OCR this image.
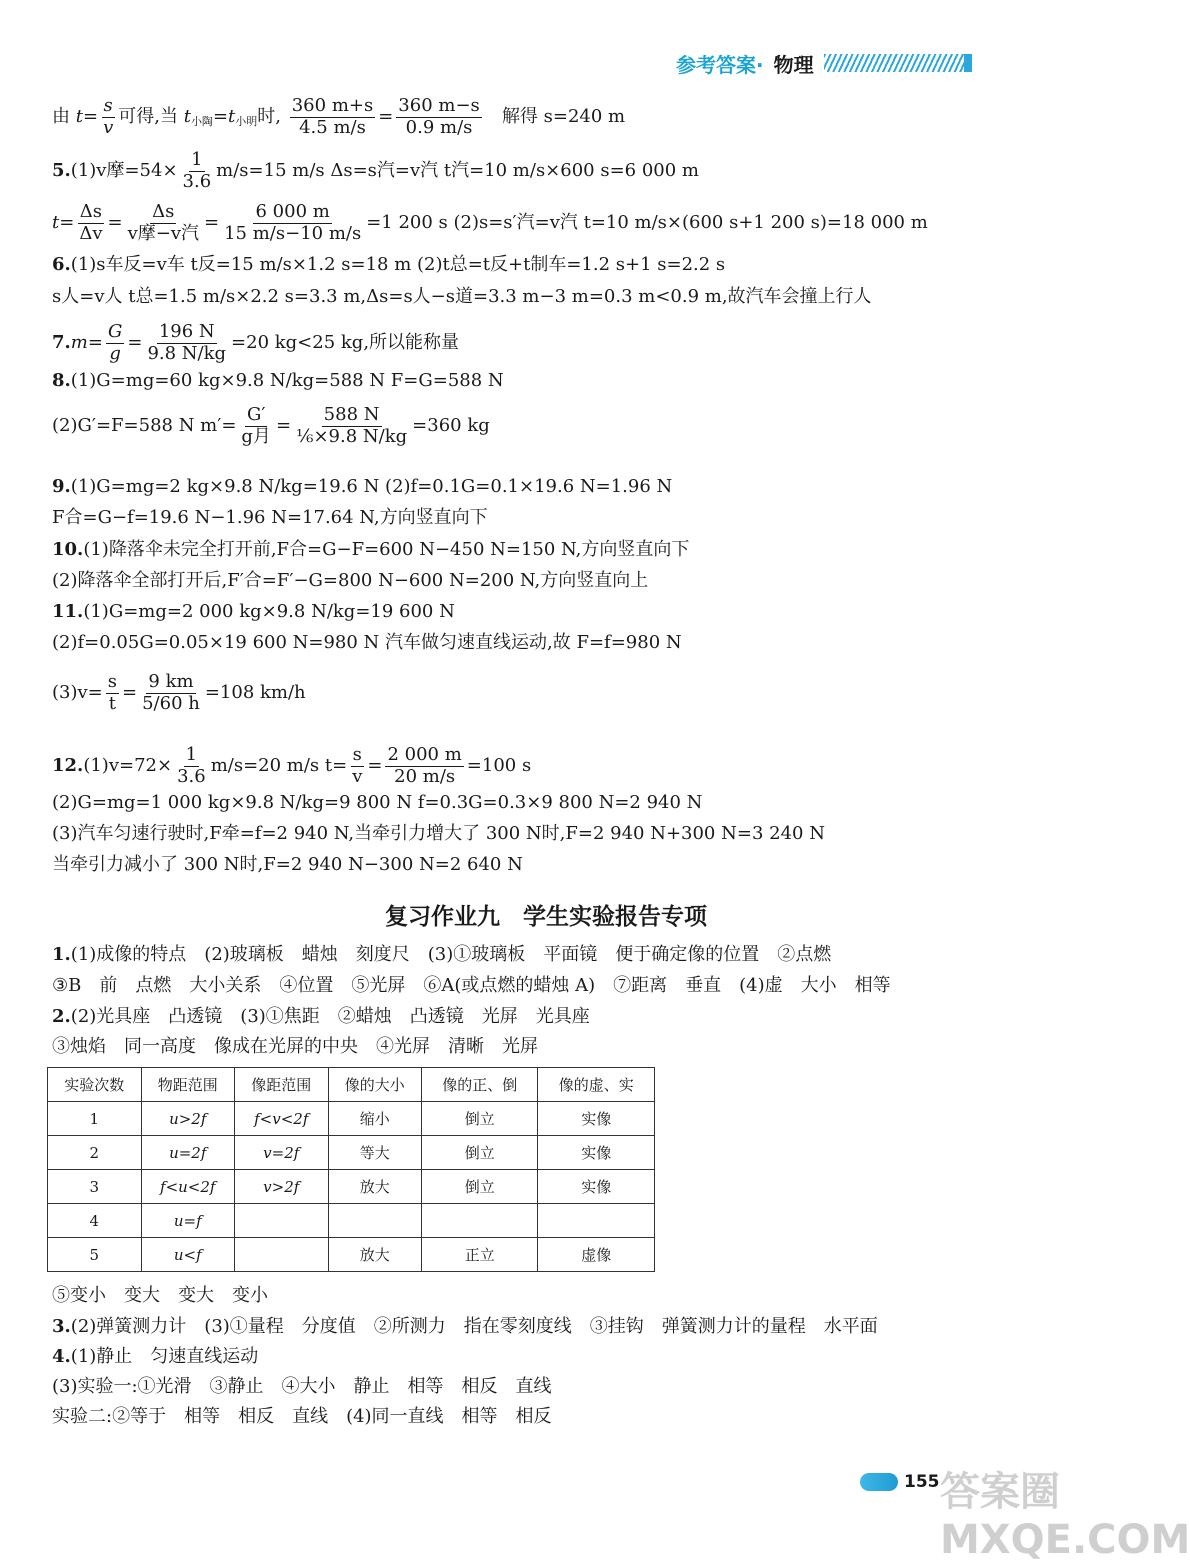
参考答案· 物理
由 $t= \frac{s}{v}$ 可得,当 $t_{小陶}=t_{小明}$时, $\frac{360 m+s}{4.5 m/s} = \frac{360 m-s}{0.9 m/s}$ 解得 s=240 m
5.(1)v摩$=54\times \frac{1}{3.6} m/s=15$ m/s Δs=s汽=v汽 t汽=10 m/s×600 s=6 000 m
$t= \frac{\Delta s}{\Delta v} = \frac{\Delta s}{\text{v摩−v汽}} = \frac{6 000 m}{15 m/s-10 m/s} =1$ 200 s (2)s=s′汽=v汽 t=10 m/s×(600 s+1 200 s)=18 000 m
6.(1)s车反=v车 t反=15 m/s×1.2 s=18 m (2)t总=t反+t制车=1.2 s+1 s=2.2 s
s人=v人 t总=1.5 m/s×2.2 s=3.3 m,Δs=s人−s道=3.3 m−3 m=0.3 m<0.9 m,故汽车会撞上行人
$7.m= \frac{G}{g} = \frac{196 N}{9.8 N/kg} =20$ kg<25 kg,所以能称量
8.(1)G=mg=60 kg×9.8 N/kg=588 N F=G=588 N
(2)G′=F=588 N $m'= \frac{G'}{\text{g月}} = \frac{588 N}{\text{⅙×9.8 N/kg}} =360$ kg
9.(1)G=mg=2 kg×9.8 N/kg=19.6 N (2)f=0.1G=0.1×19.6 N=1.96 N
F合=G−f=19.6 N−1.96 N=17.64 N,方向竖直向下
10.(1)降落伞未完全打开前,F合=G−F=600 N−450 N=150 N,方向竖直向下
(2)降落伞全部打开后,F′合=F′−G=800 N−600 N=200 N,方向竖直向上
11.(1)G=mg=2 000 kg×9.8 N/kg=19 600 N
(2)f=0.05G=0.05×19 600 N=980 N 汽车做匀速直线运动,故 F=f=980 N
$(3)v= \frac{s}{t} = \frac{9 km}{5/60 h} =108$ km/h
$12.(1)v=72\times \frac{1}{3.6} m/s=20$ m/s $t= \frac{s}{v} = \frac{2 000 m}{20 m/s} =100$ s
(2)G=mg=1 000 kg×9.8 N/kg=9 800 N f=0.3G=0.3×9 800 N=2 940 N
(3)汽车匀速行驶时,F牵=f=2 940 N,当牵引力增大了 300 N时,F=2 940 N+300 N=3 240 N
当牵引力减小了 300 N时,F=2 940 N−300 N=2 640 N
复习作业九　学生实验报告专项
1.(1)成像的特点　(2)玻璃板　蜡烛　刻度尺　(3)①玻璃板　平面镜　便于确定像的位置　②点燃
③B　前　点燃　大小关系　④位置　⑤光屏　⑥A(或点燃的蜡烛 A)　⑦距离　垂直　(4)虚　大小　相等
2.(2)光具座　凸透镜　(3)①焦距　②蜡烛　凸透镜　光屏　光具座
③烛焰　同一高度　像成在光屏的中央　④光屏　清晰　光屏
实验次数	物距范围	像距范围	像的大小	像的正、倒	像的虚、实
1	u>2f	f<v<2f	缩小	倒立	实像
2	u=2f	v=2f	等大	倒立	实像
3	f<u<2f	v>2f	放大	倒立	实像
4	u=f				
5	u<f		放大	正立	虚像
⑤变小　变大　变大　变小
3.(2)弹簧测力计　(3)①量程　分度值　②所测力　指在零刻度线　③挂钩　弹簧测力计的量程　水平面
4.(1)静止　匀速直线运动
(3)实验一:①光滑　③静止　④大小　静止　相等　相反　直线
实验二:②等于　相等　相反　直线　(4)同一直线　相等　相反
155 答案圈 MXQE.COM
